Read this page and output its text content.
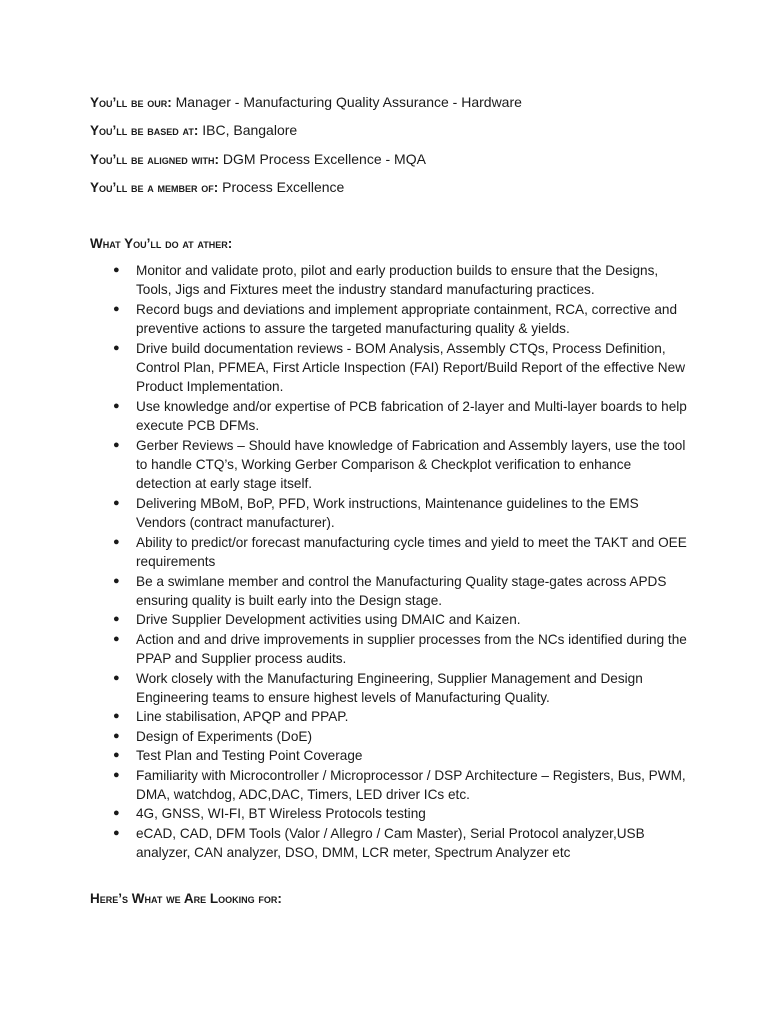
You’ll be our: Manager - Manufacturing Quality Assurance - Hardware
You’ll be based at: IBC, Bangalore
You’ll be aligned with: DGM Process Excellence - MQA
You’ll be a member of: Process Excellence
What You’ll do at ather:
● Monitor and validate proto, pilot and early production builds to ensure that the Designs, Tools, Jigs and Fixtures meet the industry standard manufacturing practices.
● Record bugs and deviations and implement appropriate containment, RCA, corrective and preventive actions to assure the targeted manufacturing quality & yields.
● Drive build documentation reviews - BOM Analysis, Assembly CTQs, Process Definition, Control Plan, PFMEA, First Article Inspection (FAI) Report/Build Report of the effective New Product Implementation.
● Use knowledge and/or expertise of PCB fabrication of 2-layer and Multi-layer boards to help execute PCB DFMs.
● Gerber Reviews – Should have knowledge of Fabrication and Assembly layers, use the tool to handle CTQ’s, Working Gerber Comparison & Checkplot verification to enhance detection at early stage itself.
● Delivering MBoM, BoP, PFD, Work instructions, Maintenance guidelines to the EMS Vendors (contract manufacturer).
● Ability to predict/or forecast manufacturing cycle times and yield to meet the TAKT and OEE requirements
● Be a swimlane member and control the Manufacturing Quality stage-gates across APDS ensuring quality is built early into the Design stage.
● Drive Supplier Development activities using DMAIC and Kaizen.
● Action and and drive improvements in supplier processes from the NCs identified during the PPAP and Supplier process audits.
● Work closely with the Manufacturing Engineering, Supplier Management and Design Engineering teams to ensure highest levels of Manufacturing Quality.
● Line stabilisation, APQP and PPAP.
● Design of Experiments (DoE)
● Test Plan and Testing Point Coverage
● Familiarity with Microcontroller / Microprocessor / DSP Architecture – Registers, Bus, PWM, DMA, watchdog, ADC,DAC, Timers, LED driver ICs etc.
● 4G, GNSS, WI-FI, BT Wireless Protocols testing
● eCAD, CAD, DFM Tools (Valor / Allegro / Cam Master), Serial Protocol analyzer,USB analyzer, CAN analyzer, DSO, DMM, LCR meter, Spectrum Analyzer etc
Here’s What we Are Looking for:
